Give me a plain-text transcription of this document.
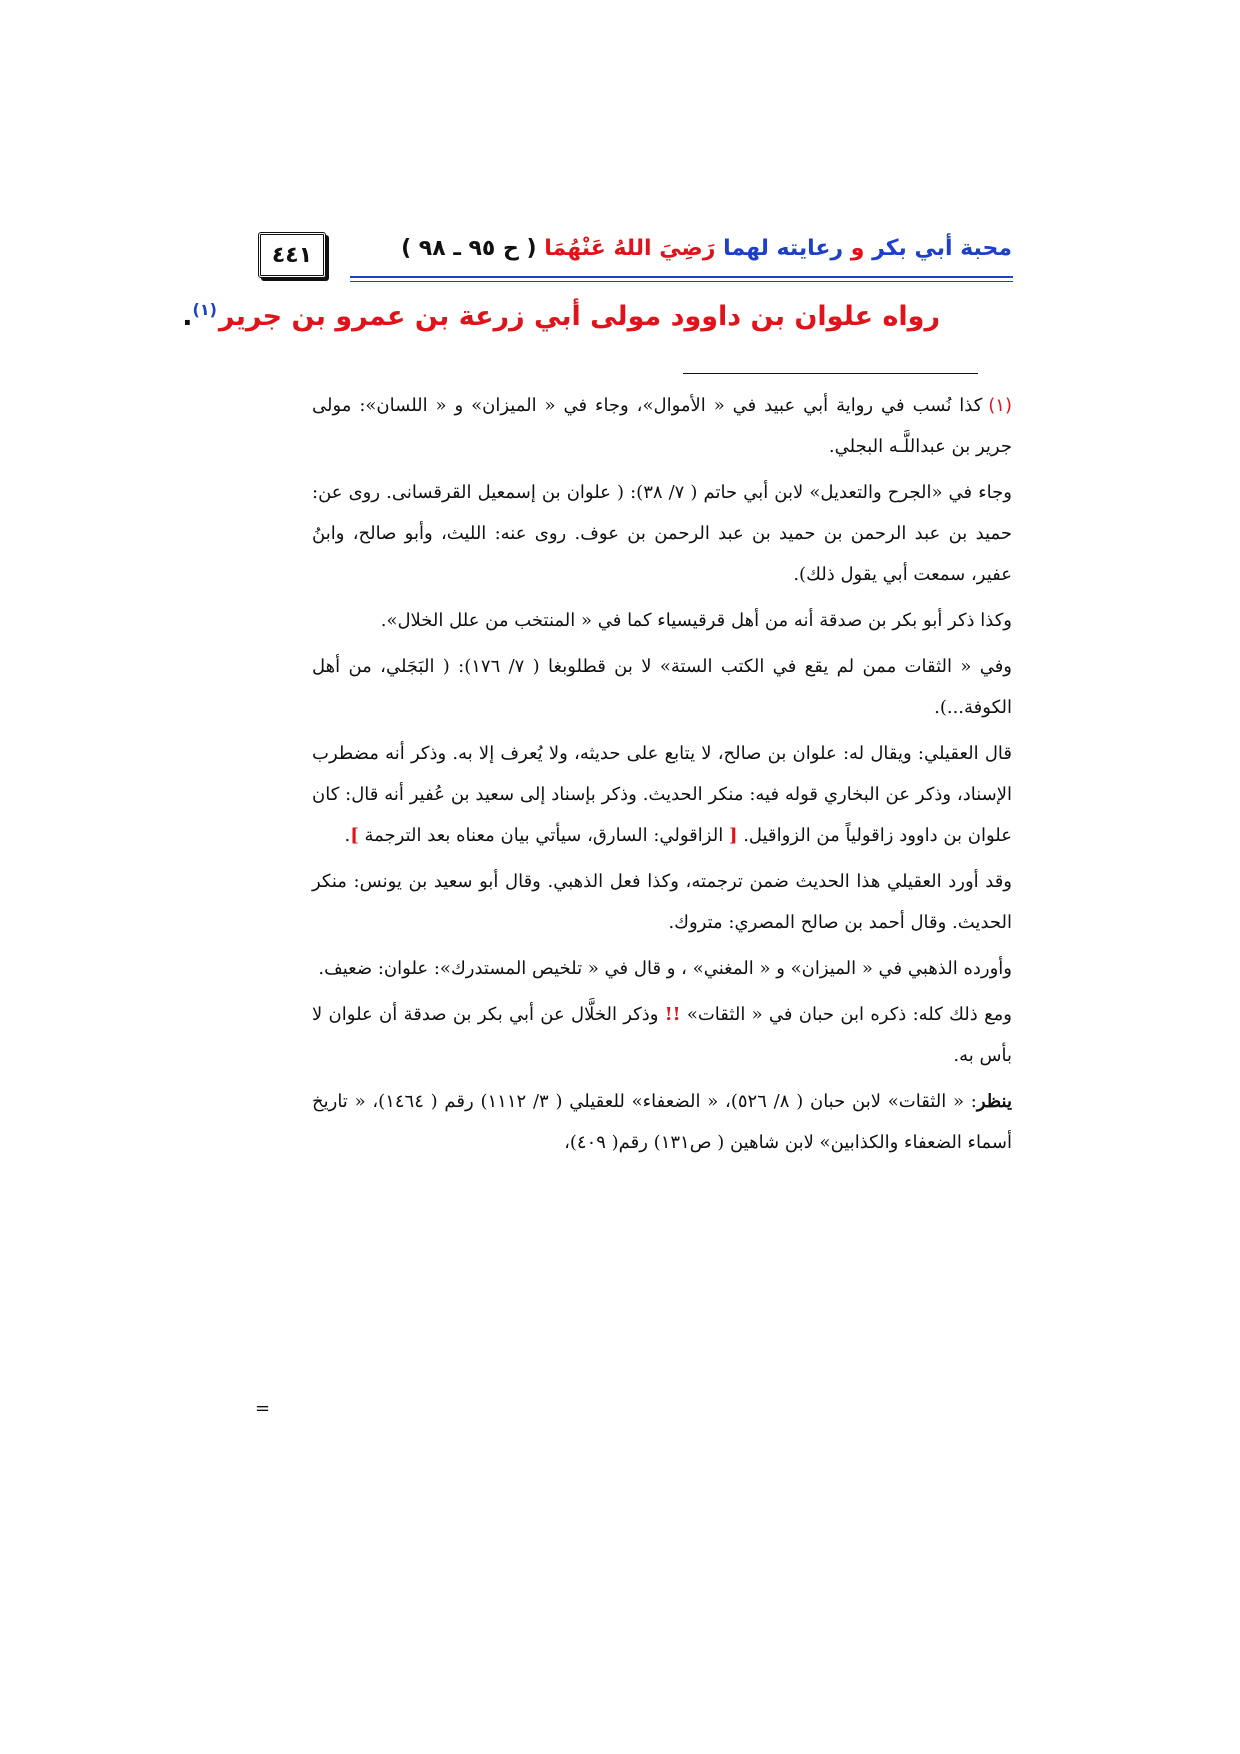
٤٤١	محبة أبي بكر و رعايته لهما رَضِيَ اللهُ عَنْهُمَا ( ح ٩٥ ـ ٩٨ )
رواه علوان بن داوود مولى أبي زرعة بن عمرو بن جرير$^{(١)}$.

(١)كذا نُسب في رواية أبي عبيد في « الأموال»، وجاء في « الميزان» و « اللسان»: مولى جرير بن عبداللَّـه البجلي.

وجاء في «الجرح والتعديل» لابن أبي حاتم ( ٧/ ٣٨): ( علوان بن إسمعيل القرقسانى. روى عن: حميد بن عبد الرحمن بن حميد بن عبد الرحمن بن عوف. روى عنه: الليث، وأبو صالح، وابنُ عفير، سمعت أبي يقول ذلك).

وكذا ذكر أبو بكر بن صدقة أنه من أهل قرقيسياء كما في « المنتخب من علل الخلال».

وفي « الثقات ممن لم يقع في الكتب الستة» لا بن قطلوبغا ( ٧/ ١٧٦): ( البَجَلي، من أهل الكوفة...).

قال العقيلي: ويقال له: علوان بن صالح، لا يتابع على حديثه، ولا يُعرف إلا به. وذكر أنه مضطرب الإسناد، وذكر عن البخاري قوله فيه: منكر الحديث. وذكر بإسناد إلى سعيد بن عُفير أنه قال: كان علوان بن داوود زاقولياً من الزواقيل. [ الزاقولي: السارق، سيأتي بيان معناه بعد الترجمة ].

وقد أورد العقيلي هذا الحديث ضمن ترجمته، وكذا فعل الذهبي. وقال أبو سعيد بن يونس: منكر الحديث. وقال أحمد بن صالح المصري: متروك.

وأورده الذهبي في « الميزان» و « المغني» ، و قال في « تلخيص المستدرك»: علوان: ضعيف.

ومع ذلك كله: ذكره ابن حبان في « الثقات» !! وذكر الخلَّال عن أبي بكر بن صدقة أن علوان لا بأس به.

ينظر: « الثقات» لابن حبان ( ٨/ ٥٢٦)، « الضعفاء» للعقيلي ( ٣/ ١١١٢) رقم ( ١٤٦٤)، « تاريخ أسماء الضعفاء والكذابين» لابن شاهين ( ص١٣١) رقم( ٤٠٩)،

=
